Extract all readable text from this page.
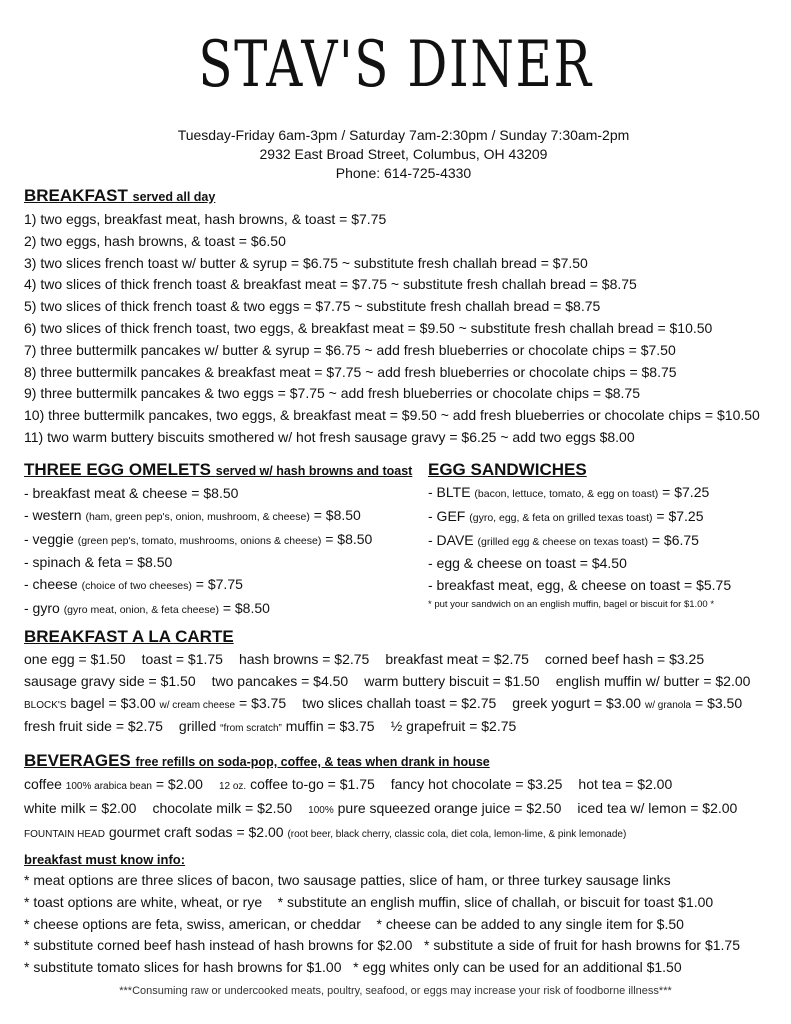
STAV'S DINER
Tuesday-Friday 6am-3pm / Saturday 7am-2:30pm / Sunday 7:30am-2pm
2932 East Broad Street, Columbus, OH 43209
Phone: 614-725-4330
BREAKFAST served all day
1) two eggs, breakfast meat, hash browns, & toast = $7.75
2) two eggs, hash browns, & toast = $6.50
3) two slices french toast w/ butter & syrup = $6.75 ~ substitute fresh challah bread = $7.50
4) two slices of thick french toast & breakfast meat = $7.75 ~ substitute fresh challah bread = $8.75
5) two slices of thick french toast & two eggs = $7.75 ~ substitute fresh challah bread = $8.75
6) two slices of thick french toast, two eggs, & breakfast meat = $9.50 ~ substitute fresh challah bread = $10.50
7) three buttermilk pancakes w/ butter & syrup = $6.75 ~ add fresh blueberries or chocolate chips = $7.50
8) three buttermilk pancakes & breakfast meat = $7.75 ~ add fresh blueberries or chocolate chips = $8.75
9) three buttermilk pancakes & two eggs = $7.75 ~ add fresh blueberries or chocolate chips = $8.75
10) three buttermilk pancakes, two eggs, & breakfast meat = $9.50 ~ add fresh blueberries or chocolate chips = $10.50
11) two warm buttery biscuits smothered w/ hot fresh sausage gravy = $6.25 ~ add two eggs $8.00
THREE EGG OMELETS served w/ hash browns and toast
- breakfast meat & cheese = $8.50
- western (ham, green pep's, onion, mushroom, & cheese) = $8.50
- veggie (green pep's, tomato, mushrooms, onions & cheese) = $8.50
- spinach & feta = $8.50
- cheese (choice of two cheeses) = $7.75
- gyro (gyro meat, onion, & feta cheese) = $8.50
EGG SANDWICHES
- BLTE (bacon, lettuce, tomato, & egg on toast) = $7.25
- GEF (gyro, egg, & feta on grilled texas toast) = $7.25
- DAVE (grilled egg & cheese on texas toast) = $6.75
- egg & cheese on toast = $4.50
- breakfast meat, egg, & cheese on toast = $5.75
* put your sandwich on an english muffin, bagel or biscuit for $1.00 *
BREAKFAST A LA CARTE
one egg = $1.50 toast = $1.75 hash browns = $2.75 breakfast meat = $2.75 corned beef hash = $3.25
sausage gravy side = $1.50 two pancakes = $4.50 warm buttery biscuit = $1.50 english muffin w/ butter = $2.00
BLOCK'S bagel = $3.00 w/ cream cheese = $3.75 two slices challah toast = $2.75 greek yogurt = $3.00 w/ granola = $3.50
fresh fruit side = $2.75 grilled “from scratch” muffin = $3.75 ½ grapefruit = $2.75
BEVERAGES free refills on soda-pop, coffee, & teas when drank in house
coffee 100% arabica bean = $2.00 12 oz. coffee to-go = $1.75 fancy hot chocolate = $3.25 hot tea = $2.00
white milk = $2.00 chocolate milk = $2.50 100% pure squeezed orange juice = $2.50 iced tea w/ lemon = $2.00
FOUNTAIN HEAD gourmet craft sodas = $2.00 (root beer, black cherry, classic cola, diet cola, lemon-lime, & pink lemonade)
breakfast must know info:
* meat options are three slices of bacon, two sausage patties, slice of ham, or three turkey sausage links
* toast options are white, wheat, or rye    * substitute an english muffin, slice of challah, or biscuit for toast $1.00
* cheese options are feta, swiss, american, or cheddar    * cheese can be added to any single item for $.50
* substitute corned beef hash instead of hash browns for $2.00   * substitute a side of fruit for hash browns for $1.75
* substitute tomato slices for hash browns for $1.00   * egg whites only can be used for an additional $1.50
***Consuming raw or undercooked meats, poultry, seafood, or eggs may increase your risk of foodborne illness***
